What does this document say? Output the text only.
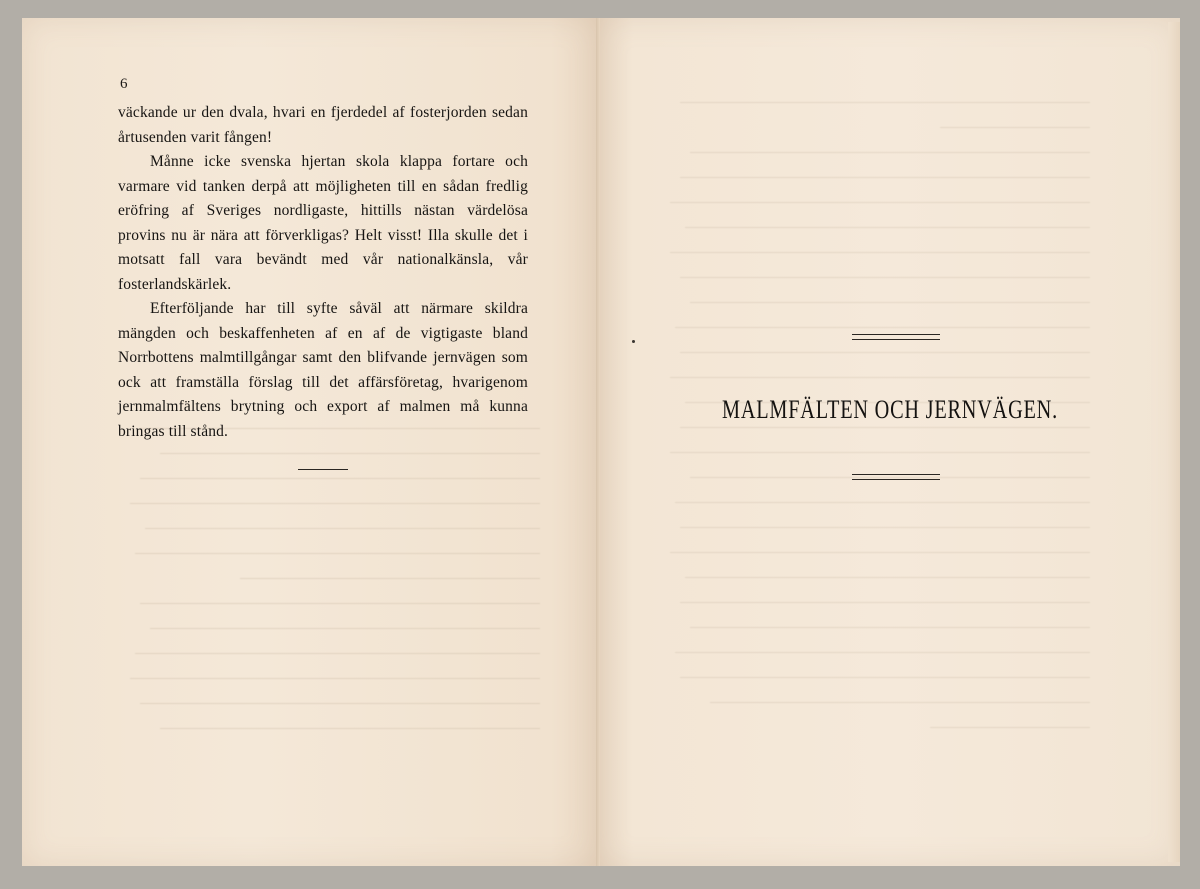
6

väckande ur den dvala, hvari en fjerdedel af fosterjorden sedan årtusenden varit fången!

Månne icke svenska hjertan skola klappa fortare och varmare vid tanken derpå att möjligheten till en sådan fredlig eröfring af Sveriges nordligaste, hittills nästan värdelösa provins nu är nära att förverkligas? Helt visst! Illa skulle det i motsatt fall vara bevändt med vår nationalkänsla, vår fosterlandskärlek.

Efterföljande har till syfte såväl att närmare skildra mängden och beskaffenheten af en af de vigtigaste bland Norrbottens malmtillgångar samt den blifvande jernvägen som ock att framställa förslag till det affärsföretag, hvarigenom jernmalmfältens brytning och export af malmen må kunna bringas till stånd.

MALMFÄLTEN OCH JERNVÄGEN.
